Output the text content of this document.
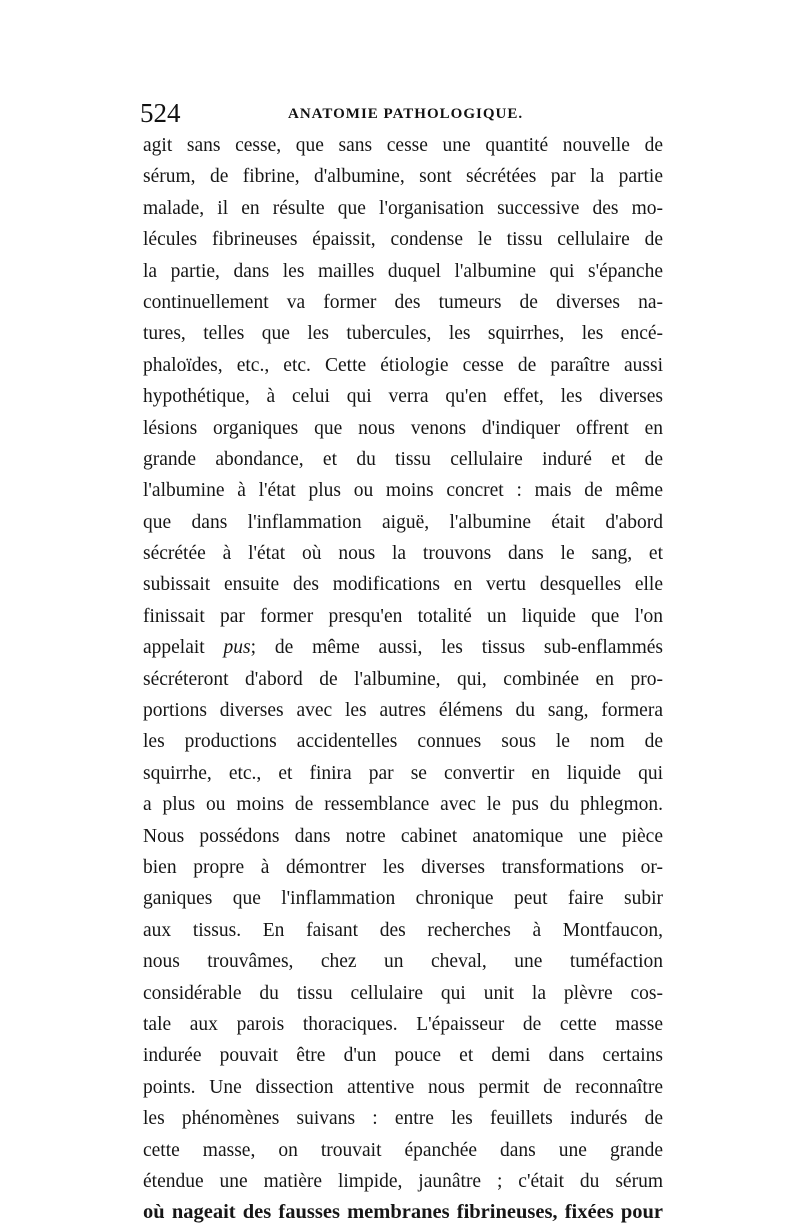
524	ANATOMIE PATHOLOGIQUE.
agit sans cesse, que sans cesse une quantité nouvelle de
sérum, de fibrine, d'albumine, sont sécrétées par la partie
malade, il en résulte que l'organisation successive des mo-
lécules fibrineuses épaissit, condense le tissu cellulaire de
la partie, dans les mailles duquel l'albumine qui s'épanche
continuellement va former des tumeurs de diverses na-
tures, telles que les tubercules, les squirrhes, les encé-
phaloïdes, etc., etc. Cette étiologie cesse de paraître aussi
hypothétique, à celui qui verra qu'en effet, les diverses
lésions organiques que nous venons d'indiquer offrent en
grande abondance, et du tissu cellulaire induré et de
l'albumine à l'état plus ou moins concret : mais de même
que dans l'inflammation aiguë, l'albumine était d'abord
sécrétée à l'état où nous la trouvons dans le sang, et
subissait ensuite des modifications en vertu desquelles elle
finissait par former presqu'en totalité un liquide que l'on
appelait pus; de même aussi, les tissus sub-enflammés
sécréteront d'abord de l'albumine, qui, combinée en pro-
portions diverses avec les autres élémens du sang, formera
les productions accidentelles connues sous le nom de
squirrhe, etc., et finira par se convertir en liquide qui
a plus ou moins de ressemblance avec le pus du phlegmon.
Nous possédons dans notre cabinet anatomique une pièce
bien propre à démontrer les diverses transformations or-
ganiques que l'inflammation chronique peut faire subir
aux tissus. En faisant des recherches à Montfaucon,
nous trouvâmes, chez un cheval, une tuméfaction
considérable du tissu cellulaire qui unit la plèvre cos-
tale aux parois thoraciques. L'épaisseur de cette masse
indurée pouvait être d'un pouce et demi dans certains
points. Une dissection attentive nous permit de reconnaître
les phénomènes suivans : entre les feuillets indurés de
cette masse, on trouvait épanchée dans une grande
étendue une matière limpide, jaunâtre ; c'était du sérum
où nageait des fausses membranes fibrineuses, fixées pour
